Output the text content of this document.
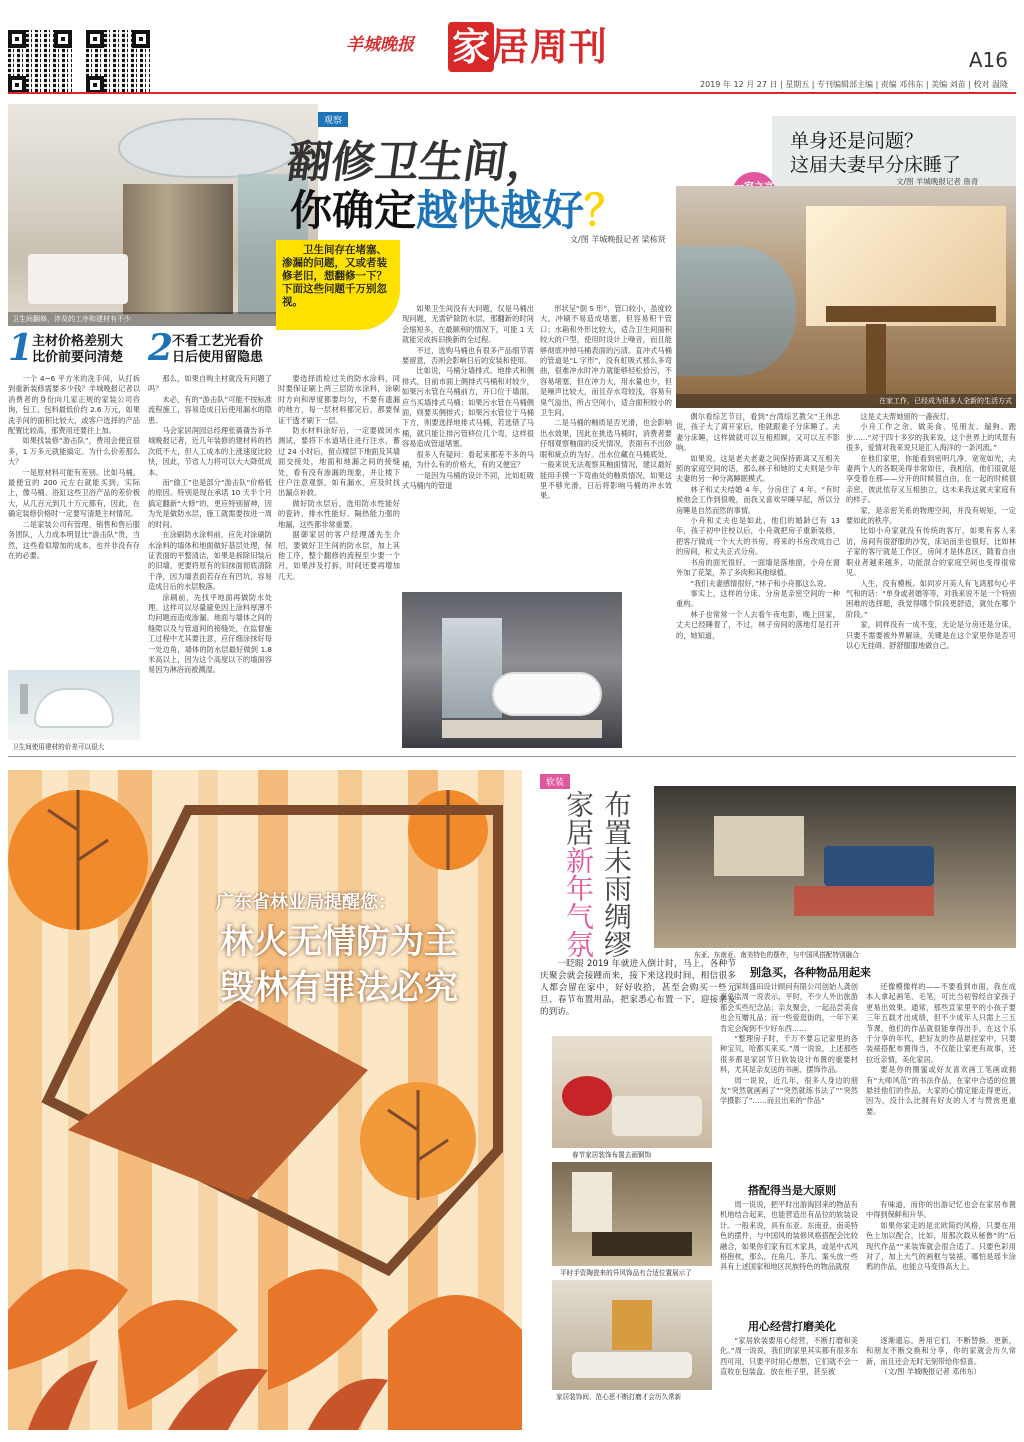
羊城晚报 家居周刊	A16
2019 年 12 月 27 日 | 星期五 | 专刊编辑部主编 | 责编 邓伟东 | 美编 刘苗 | 校对 温隆
卫生间翻修，涉及的工序和建材有不少
观察
翻修卫生间，
你确定越快越好？
文/图 羊城晚报记者 梁栋贤
卫生间存在堵塞、渗漏的问题，又或者装修老旧，想翻修一下？下面这些问题千万别忽视。
1
主材价格差别大
比价前要问清楚

一个 4~6 平方米的洗手间，从打拆到重新装修需要多少钱？羊城晚报记者以消费者的身份向几家正规的家装公司咨询，包工、包料最低价约 2.6 万元，如果洗手间的面积比较大，或客户选择的产品配置比较高，那费用还要往上加。

如果找装修“游击队”，费用会便宜很多，1 万多元就能搞定。为什么价差那么大？

一是原材料可能有差别。比如马桶，最便宜的 200 元左右就能买到，实际上，像马桶、浴缸这些卫浴产品的差价极大，从几百元到几十万元都有，因此，在确定装修价格时一定要写清楚主材情况。

二是家装公司有管理、销售和售后服务团队，人力成本明显比“游击队”贵，当然，这些看似增加的成本，也并非没有存在的必要。

卫生间使用建材的价差可以很大
2
不看工艺光看价
日后使用留隐患

那么，如果自购主材就没有问题了吗？

未必，有的“游击队”可能不按标准流程施工，容易造成日后使用漏水的隐患。

马会家居润园总经理张蒨蒨告诉羊城晚报记者，近几年装修的建材科的档次低不大，但人工成本的上涨速度比较快，因此，节省人力将可以大大降低成本。

而“偷工”也是部分“游击队”价格低的原因。特别是现在承诺 10 天半个月搞定翻新“大修”的，更应特别留神，因为光是做防水层，施工就需要按进一周的时间。

在涂刷防水涂料前，应先对涂刷防水涂料的墙体和地面做好基层处理，保证表面的平整清洁，如果是拆除旧装后的旧墙，更要将原有的旧抹面彻底清除干净，因为墙表面若存在有凹坑，容易造成日后的水层脱落。

涂刷前，先找平地面再做防水处理。这样可以尽量避免因上涂料厚薄不均问题而造成渗漏。地面与墙体之间的缝隙以及与管道间的接缝处，在监督施工过程中尤其要注意，应仔细涂抹好每一处边角，墙体的防水层最好做到 1.8 米高以上，因为这个高度以下的墙面容易因为淋浴而被溅湿。

要选择质检过关的防水涂料，同时要保证刷上两三层防水涂料，涂刷时方向和厚度都要均匀，不要有遗漏的地方，每一层材料都完后，都要保证干透才刷下一层。

防水材料涂好后，一定要做闭水测试，要将下水道堵住进行注水，蓄过 24 小时后，留点楼层下地面及其墙面交接处，地面和地漏之间的接缝处，看有没有渗漏的现象，并让楼下住户注意观察，如有漏水，应及时找出漏点补救。

做好防水层后，选用防水性能好的瓷砖，排水性能好、隔热能力强的地漏，这些都非常重要。

据御家居的客户经理潘先生介绍，要做好卫生间的防水层，加上其他工序，整个翻修的流程至少要一个月，如果涉及打拆，时间还要再增加几天。

如果卫生间没有大问题，仅是马桶出现问题，无需铲除防水层，那翻新的时间会缩短多，在最顺利的情况下，可能 1 天就能完成拆旧换新的全过程。

不过，选购马桶也有很多产品细节需要留意，否则会影响日后的安装和使用。

比如说，马桶分墙排式、地排式和侧排式，目前市面上侧排式马桶和对较少，如果污水管在马桶前方，开口位于墙面，应当买墙排式马桶；如果污水管在马桶侧面，则要买侧排式；如果污水管位于马桶下方，则要选择地排式马桶，若选错了马桶，就只能让排污管移位几个弯，这样很容易造成管道堵塞。

很多人有疑问：看起来都差不多的马桶，为什么有的价格大，有的又便宜？

一是因为马桶的设计不同，比如虹吸式马桶内的管道

形状呈“倒 S 形”，管口较小，虽度较大，冲刷不易造成堵塞，但容易积干管口；水箱和外形比较大，适合卫生间面积较大的户型，使用时设计上噪音，而且能够彻底冲掉马桶表面的污渍。直冲式马桶的管道是“L 字形”，没有虹吸式那么多弯曲，很难冲水时冲力就能够轻松拾污，不容易堵塞，但在冲力大，用水量也少，但是噪声比较大，而且存水弯较浅，容易有臭气溢出，所占空间小，适合面积较小的卫生间。

二是马桶的釉质是否光滑，也会影响出水效果，因此在挑选马桶时，消费者要仔细观察釉面的反光情况，表面有不出砂眼和疵点的为好。出水位藏在马桶底处，一般来说无法观察其釉面情况，建议最好能用手摸一下弯曲处的釉质情况，如果这里不够光滑，日后将影响马桶的冲水效果。

单身还是问题？
这届夫妻早分床睡了
文/图 羊城晚报记者 詹青
在家工作，已经成为很多人全新的生活方式

偶尔看综艺节目，看到“台湾综艺教父”王伟忠说，孩子大了离开家后，他就跟妻子分床睡了。夫妻分床睡，这样做就可以互相照顾，又可以互不影响。

如果说，这是老夫老妻之间保持距离又互相关照的家庭空间的话，那么林子和她的丈夫则是少年夫妻的另一种分离睡眠模式。

林子和丈夫结婚 4 年，分房住了 4 年。“有时候他会工作到很晚，而我又喜欢早睡早起，所以分房睡是自然而然的事情。

小舟和丈夫也是如此，他们的婚龄已有 13 年，孩子初中住校以后，小舟就把房子重新装修，把客厅做成一个大大的书房，将来的书房改成自己的房间，和丈夫正式分房。

书房的面光很好，一面墙是落地窗，小舟在窗外加了花架，养了多肉和其他绿植。

“我们夫妻感情很好，”林子和小舟都这么说。

事实上，这样的分床、分房是亲密空间的一种重构。

林子也常常一个人去看午夜电影，晚上回家，丈夫已经睡着了，不过，林子房间的落地灯是打开的，她知道，

这是丈夫帮她留的一盏夜灯。

小舟工作之余，做美食、见朋友、遛狗、跑步……“对于四十多岁的我来说，这个世界上的风景有很多，爱情对我来说只是汇入海洋的一条河流。”

在他们家里，你能看到密明几净、宽宽如光，夫妻两个人的各眼美得非常如住，我相信，他们很就是享受着在那——分开的时候很自由，在一起的时候很亲密，彼此依存又互相独立，这未来我这就夫家庭有的样子。

家，是亲密关系的物理空间，并没有规矩，一定要如此的秩序。

比如小舟家就没有传统的客厅，如果有客人来访，房间有很舒服的沙发，床站而坐也很好，比如林子家的客厅就是工作区，房间才是休息区，随着自由职业者越来越多，功能混合的家庭空间也变得很常见。

人生，没有模板。如同岁月美人有飞鸿那句心平气和的话：“单身或者婚等等，对我来说不是一个特别困难的选择题，我觉得哪个阶段更舒适，就处在哪个阶段。”

家，同样没有一成不变，无论是分房还是分床，只要不需要被外界解读，关键是在这个家里你是否可以心无挂碍、舒舒服服地做自己。

广东省林业局提醒您：
林火无情防为主
毁林有罪法必究
软装
布置未雨绸缪
家居新年气氛	东亚、东南亚、南美特色的摆件，与中国风搭配特别融合
一眨眼 2019 年就进入倒计时，马上，各种节庆聚会就会接踵而来，接下来这段时间，相信很多人都会留在家中，好好收拾，甚至会购买一些元旦、春节布置用品，把家悉心布置一下，迎接亲友的到访。
春节家居装饰布置去画铜饰
平时手资陶瓷来的异风饰品有合适位置展示了
家居装饰间、范心思不断打磨才会历久常新
别急买，各种物品用起来

深圳盛田设计顾问有限公司创始人龚创豪总监周一说表示，平时，不少人外出旅游都会买些纪念品；亲友聚会，一起品尝美食也会互赠礼品；而一些爱逛街的，一年下来肯定会淘到不少好东西……

“整理房子时，千万不要忘记家里的各种宝贝，哈都买来买。”周一说说，上述那些很多都是家居节日软装设计布置的重要材料，尤其是亲友送的书画、摆饰作品。

周一说说，近几年，很多人身边的朋友“突然就画画了”“突然就练书法了”“突然学摄影了”……而且出来的“作品”

还像模像样的——不要看到市面，我在成本人拿起画笔、毛笔，可比当初曾经自家孩子更易出效果。通常，那些宣家里平的小孩子要三年五载才出成绩，但不少成年人只需上三五节课，他们的作品就很能拿得出手，在这个乐于分享的年代，把好友的作品悬挂家中，只要装裱搭配布置得当，不仅能让家更有故事，还拉近亲情，美化家居。

要是你的圈蜜或好友喜欢画工笔画或拥有“大师风范”的书法作品，在家中合适的位置悬挂他们的作品，大家的心情定能走得更近，因为，没什么比拥有好友的人才与赞赏更重要。

搭配得当是大原则

周一说说，把平时出游淘回来的物品有机地结合起来，也能营造出有品位的软装设计。一般来说，具有东亚、东南亚、南美特色的摆件，与中国风的装修风格搭配会比较融合，如果你们家有红木家具，或是中式风格抱枕，那么，在角几、茶几、案头放一些具有上述国家和地区民族特色的物品就很

有味道，而你的出游记忆也会在家居布置中得到保鲜和升华。

如果你家走的是北欧简约风格，只要在用色上加以配合，比如，用那次载从秘鲁“的”后现代作品“”来装饰就会很合适了。只要色彩用对了，加上大气的画框与装裱，哪怕是瑶卡涂鸦的作品，也能立马变得高大上。

用心经营打磨美化

“家居软装要用心经营，不断打磨和美化。”周一说说，我们的家里其实都有很多东西可用，只要平时用心想想，它们就不会一直收在包装盒、放在柜子里，甚至被

逐渐遗忘。善用它们，不断替换、更新，和朋友不断交换和分享，你的家就会历久常新，而且还会无时无刻带给你惊喜。

（文/图 羊城晚报记者 邓伟东）
